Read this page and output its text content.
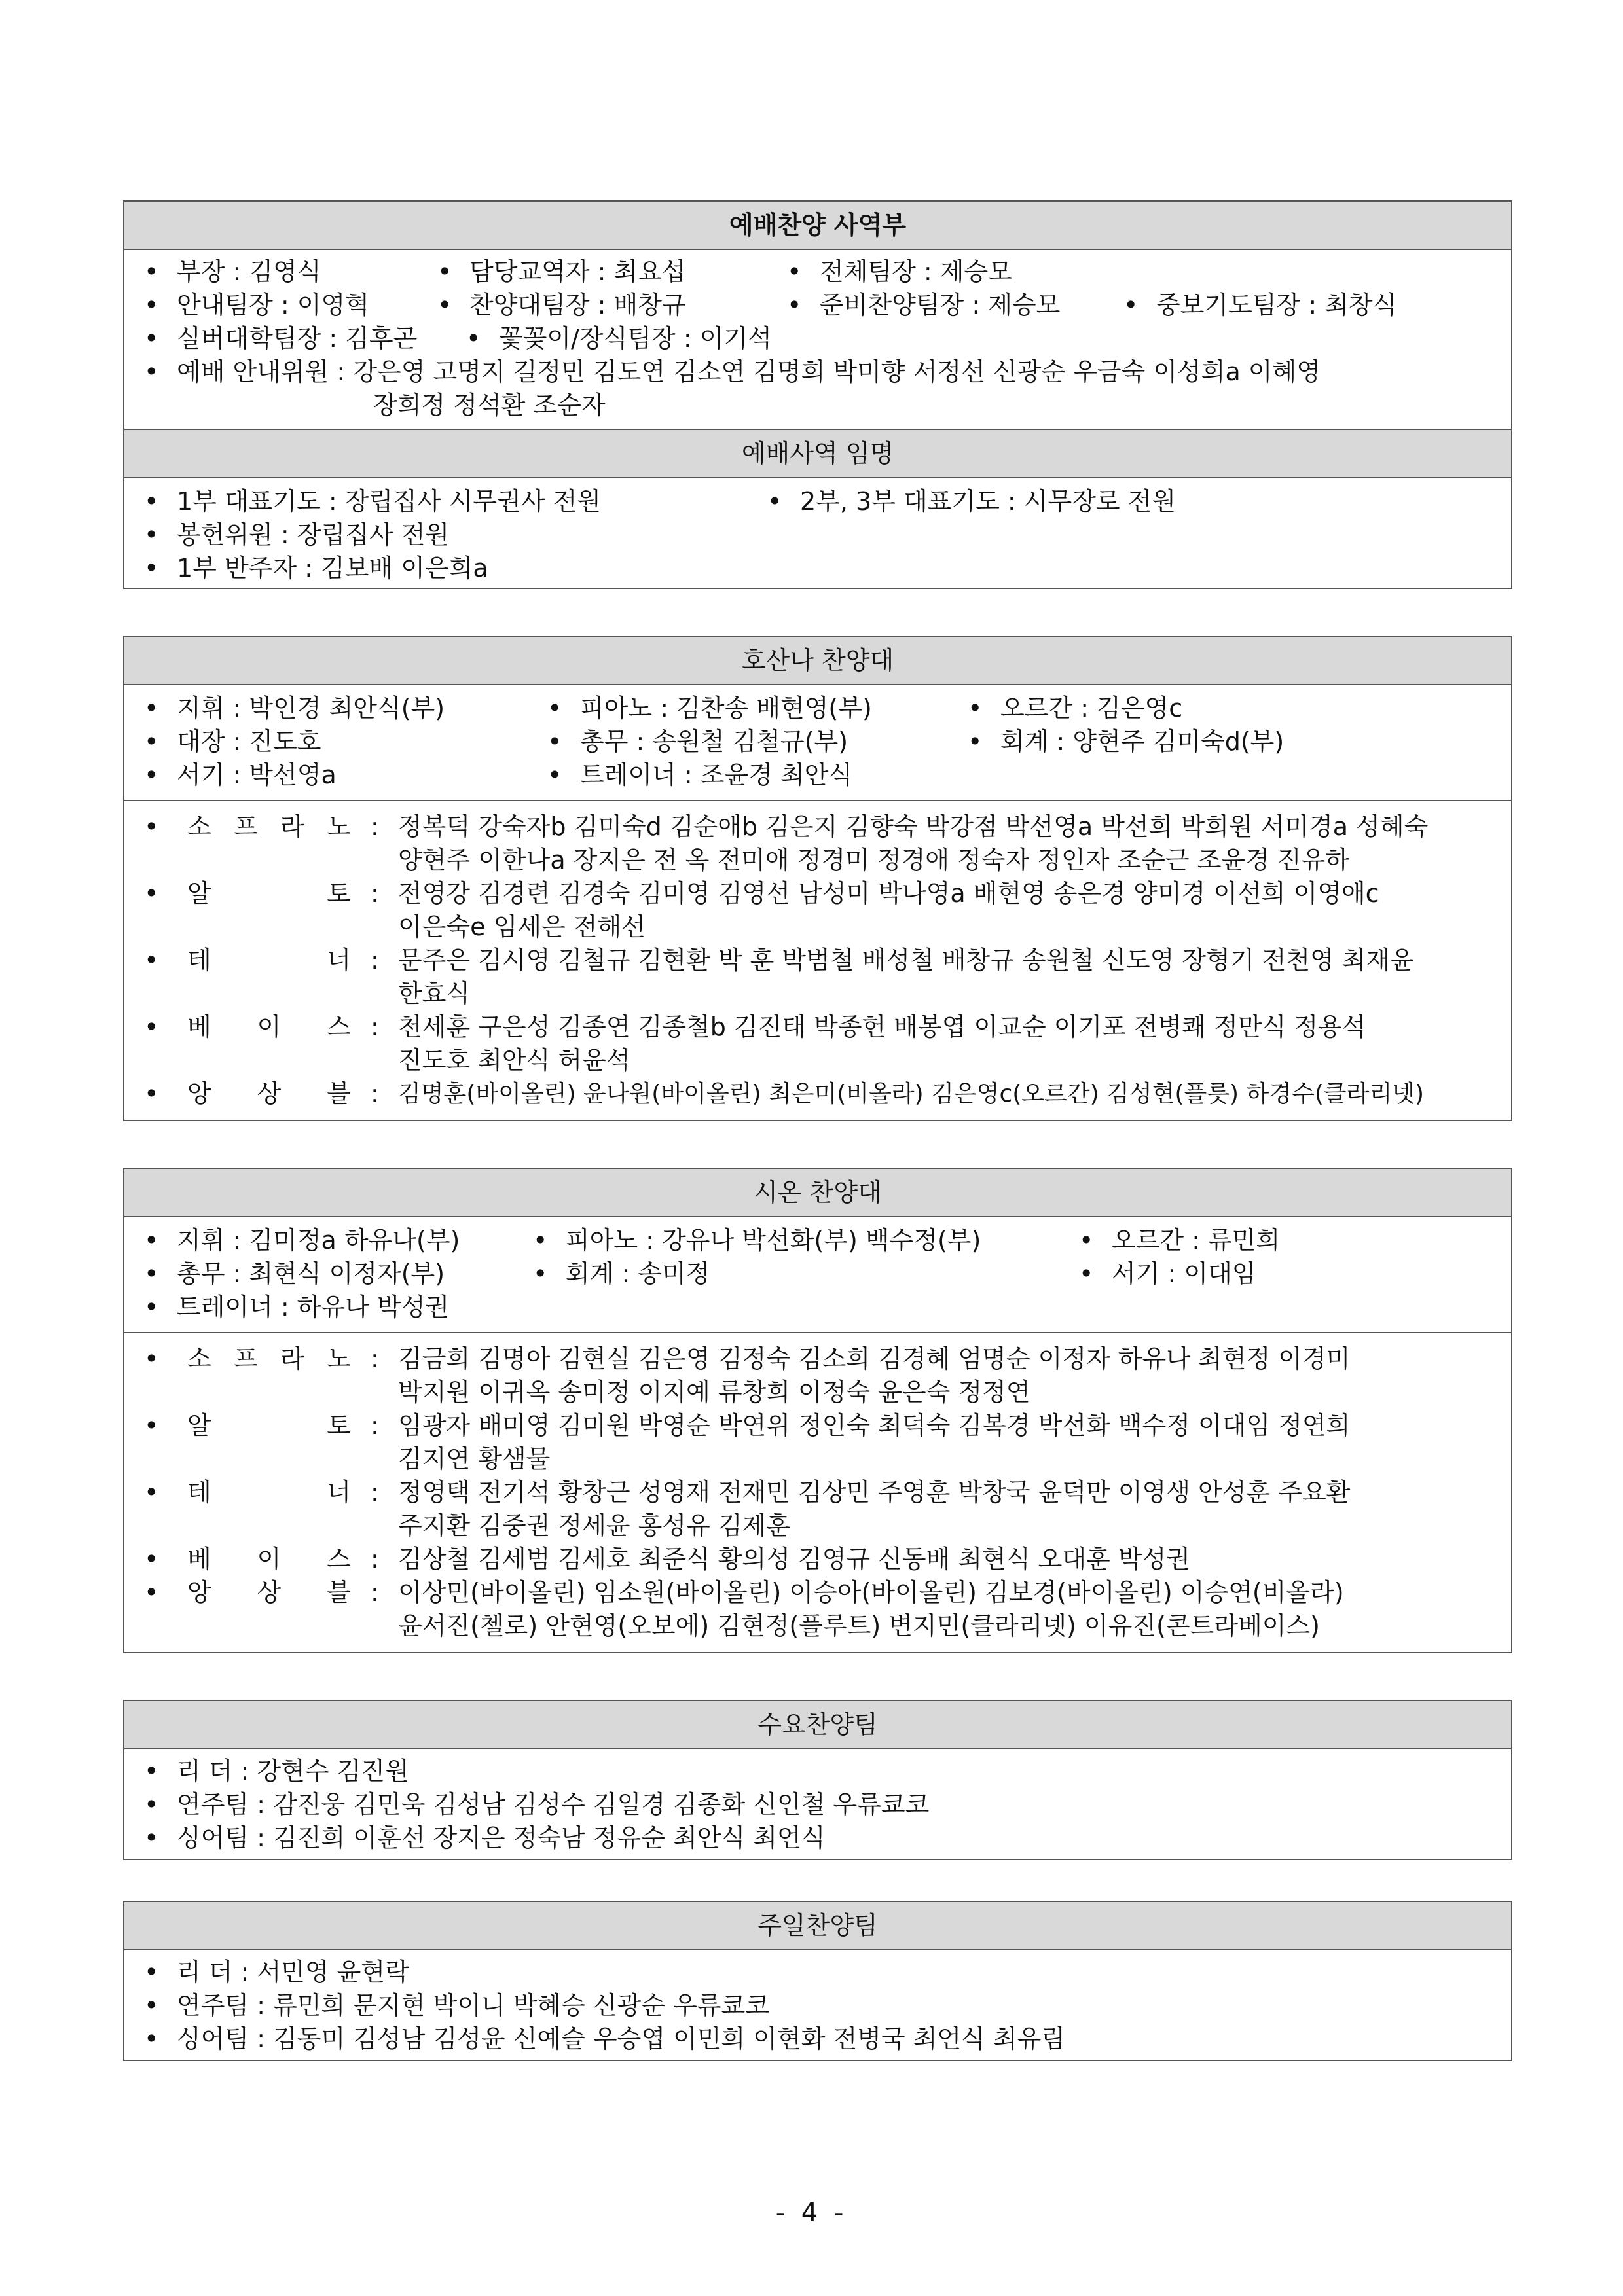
예배찬양 사역부
• 부장 : 김영식	• 담당교역자 : 최요섭	• 전체팀장 : 제승모
• 안내팀장 : 이영혁	• 찬양대팀장 : 배창규	• 준비찬양팀장 : 제승모	• 중보기도팀장 : 최창식
• 실버대학팀장 : 김후곤 • 꽃꽂이/장식팀장 : 이기석
• 예배 안내위원 : 강은영 고명지 길정민 김도연 김소연 김명희 박미향 서정선 신광순 우금숙 이성희a 이혜영
장희정 정석환 조순자
예배사역 임명
• 1부 대표기도 : 장립집사 시무권사 전원	• 2부, 3부 대표기도 : 시무장로 전원
• 봉헌위원 : 장립집사 전원
• 1부 반주자 : 김보배 이은희a
호산나 찬양대
• 지휘 : 박인경 최안식(부)	• 피아노 : 김찬송 배현영(부)	• 오르간 : 김은영c
• 대장 : 진도호	• 총무 : 송원철 김철규(부)	• 회계 : 양현주 김미숙d(부)
• 서기 : 박선영a	• 트레이너 : 조윤경 최안식
• 소 프 라 노 : 정복덕 강숙자b 김미숙d 김순애b 김은지 김향숙 박강점 박선영a 박선희 박희원 서미경a 성혜숙
양현주 이한나a 장지은 전 옥 전미애 정경미 정경애 정숙자 정인자 조순근 조윤경 진유하
• 알	토 : 전영강 김경련 김경숙 김미영 김영선 남성미 박나영a 배현영 송은경 양미경 이선희 이영애c
이은숙e 임세은 전해선
• 테	너 : 문주은 김시영 김철규 김현환 박 훈 박범철 배성철 배창규 송원철 신도영 장형기 전천영 최재윤
한효식
• 베 이 스 : 천세훈 구은성 김종연 김종철b 김진태 박종헌 배봉엽 이교순 이기포 전병쾌 정만식 정용석
진도호 최안식 허윤석
• 앙 상 블 : 김명훈(바이올린) 윤나원(바이올린) 최은미(비올라) 김은영c(오르간) 김성현(플릇) 하경수(클라리넷)
시온 찬양대
• 지휘 : 김미정a 하유나(부)	• 피아노 : 강유나 박선화(부) 백수정(부)	• 오르간 : 류민희
• 총무 : 최현식 이정자(부)	• 회계 : 송미정	• 서기 : 이대임
• 트레이너 : 하유나 박성권
• 소 프 라 노 : 김금희 김명아 김현실 김은영 김정숙 김소희 김경혜 엄명순 이정자 하유나 최현정 이경미
박지원 이귀옥 송미정 이지예 류창희 이정숙 윤은숙 정정연
• 알	토 : 임광자 배미영 김미원 박영순 박연위 정인숙 최덕숙 김복경 박선화 백수정 이대임 정연희
김지연 황샘물
• 테	너 : 정영택 전기석 황창근 성영재 전재민 김상민 주영훈 박창국 윤덕만 이영생 안성훈 주요환
주지환 김중권 정세윤 홍성유 김제훈
• 베 이 스 : 김상철 김세범 김세호 최준식 황의성 김영규 신동배 최현식 오대훈 박성권
• 앙 상 블 : 이상민(바이올린) 임소원(바이올린) 이승아(바이올린) 김보경(바이올린) 이승연(비올라)
윤서진(첼로) 안현영(오보에) 김현정(플루트) 변지민(클라리넷) 이유진(콘트라베이스)
수요찬양팀
• 리 더 : 강현수 김진원
• 연주팀 : 감진웅 김민욱 김성남 김성수 김일경 김종화 신인철 우류쿄코
• 싱어팀 : 김진희 이훈선 장지은 정숙남 정유순 최안식 최언식
주일찬양팀
• 리 더 : 서민영 윤현락
• 연주팀 : 류민희 문지현 박이니 박혜승 신광순 우류쿄코
• 싱어팀 : 김동미 김성남 김성윤 신예슬 우승엽 이민희 이현화 전병국 최언식 최유림
- 4 -
